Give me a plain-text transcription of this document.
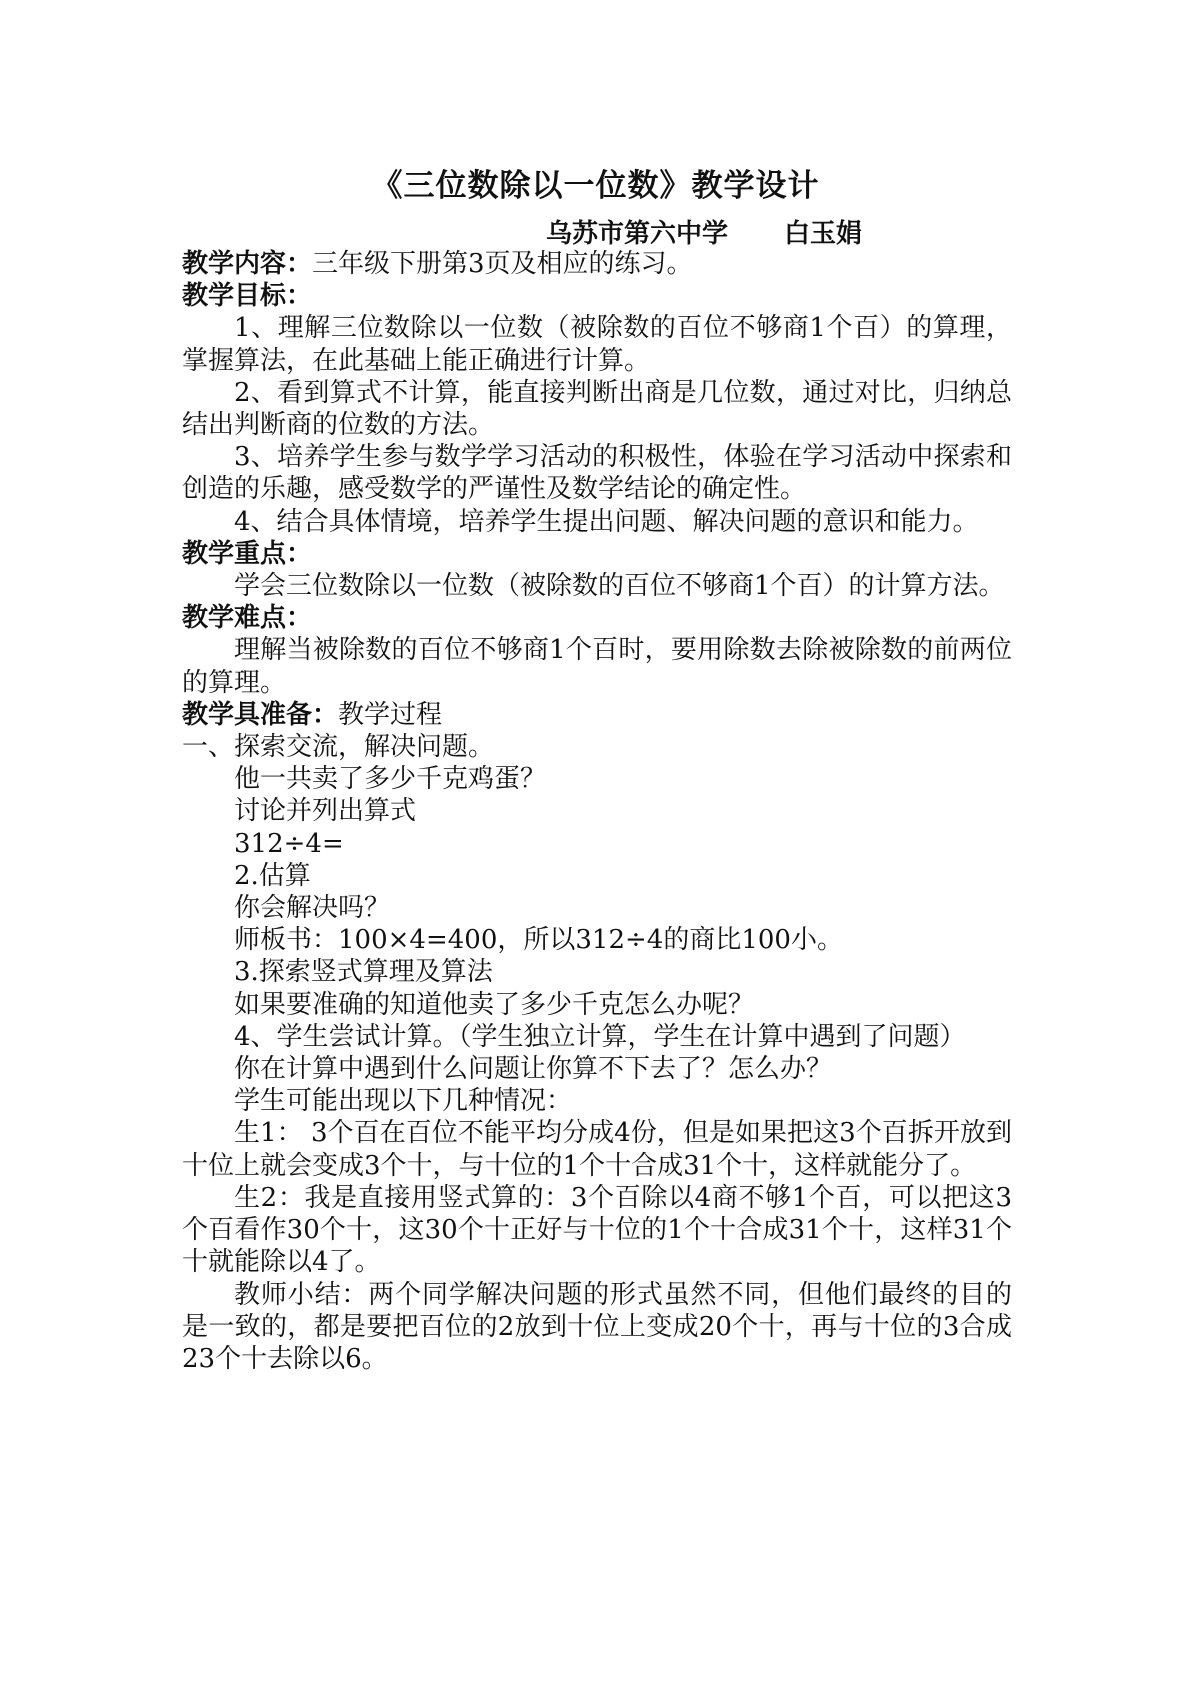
《三位数除以一位数》教学设计
乌苏市第六中学 白玉娟
教学内容：三年级下册第3页及相应的练习。
教学目标：
1、理解三位数除以一位数（被除数的百位不够商1个百）的算理，掌握算法，在此基础上能正确进行计算。
2、看到算式不计算，能直接判断出商是几位数，通过对比，归纳总结出判断商的位数的方法。
3、培养学生参与数学学习活动的积极性，体验在学习活动中探索和创造的乐趣，感受数学的严谨性及数学结论的确定性。
4、结合具体情境，培养学生提出问题、解决问题的意识和能力。
教学重点：
学会三位数除以一位数（被除数的百位不够商1个百）的计算方法。
教学难点：
理解当被除数的百位不够商1个百时，要用除数去除被除数的前两位的算理。
教学具准备：教学过程
一、探索交流，解决问题。
他一共卖了多少千克鸡蛋？
讨论并列出算式
312÷4=
2.估算
你会解决吗？
师板书：100×4=400，所以312÷4的商比100小。
3.探索竖式算理及算法
如果要准确的知道他卖了多少千克怎么办呢？
4、学生尝试计算。（学生独立计算，学生在计算中遇到了问题）
你在计算中遇到什么问题让你算不下去了？怎么办？
学生可能出现以下几种情况：
生1： 3个百在百位不能平均分成4份，但是如果把这3个百拆开放到十位上就会变成3个十，与十位的1个十合成31个十，这样就能分了。
生2：我是直接用竖式算的：3个百除以4商不够1个百，可以把这3个百看作30个十，这30个十正好与十位的1个十合成31个十，这样31个十就能除以4了。
教师小结：两个同学解决问题的形式虽然不同，但他们最终的目的是一致的，都是要把百位的2放到十位上变成20个十，再与十位的3合成23个十去除以6。
